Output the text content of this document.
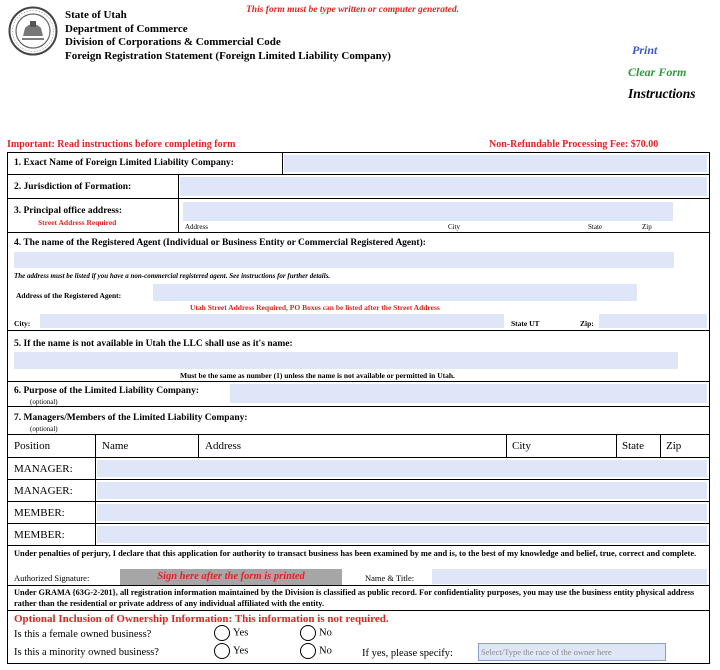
State of Utah
Department of Commerce
Division of Corporations & Commercial Code
Foreign Registration Statement (Foreign Limited Liability Company)
This form must be type written or computer generated.
Print
Clear Form
Instructions
Important: Read instructions before completing form	Non-Refundable Processing Fee: $70.00
1. Exact Name of Foreign Limited Liability Company:
2. Jurisdiction of Formation:
3. Principal office address:
Street Address Required	Address	City	State	Zip
4. The name of the Registered Agent (Individual or Business Entity or Commercial Registered Agent):
The address must be listed if you have a non-commercial registered agent. See instructions for further details.
Address of the Registered Agent:
Utah Street Address Required, PO Boxes can be listed after the Street Address
City:	State UT	Zip:
5. If the name is not available in Utah the LLC shall use as it's name:
Must be the same as number (1) unless the name is not available or permitted in Utah.
6. Purpose of the Limited Liability Company:
(optional)
7. Managers/Members of the Limited Liability Company:
(optional)
Position	Name	Address	City	State Zip
MANAGER:
MANAGER:
MEMBER:
MEMBER:
Under penalties of perjury, I declare that this application for authority to transact business has been examined by me and is, to the best of my knowledge and belief, true, correct and complete.
Authorized Signature:	Sign here after the form is printed	Name & Title:
Under GRAMA {63G-2-201}, all registration information maintained by the Division is classified as public record. For confidentiality purposes, you may use the business entity physical address rather than the residential or private address of any individual affiliated with the entity.
Optional Inclusion of Ownership Information: This information is not required.
Is this a female owned business?	Yes	No
Is this a minority owned business?	Yes	No	If yes, please specify:	Select/Type the race of the owner here
